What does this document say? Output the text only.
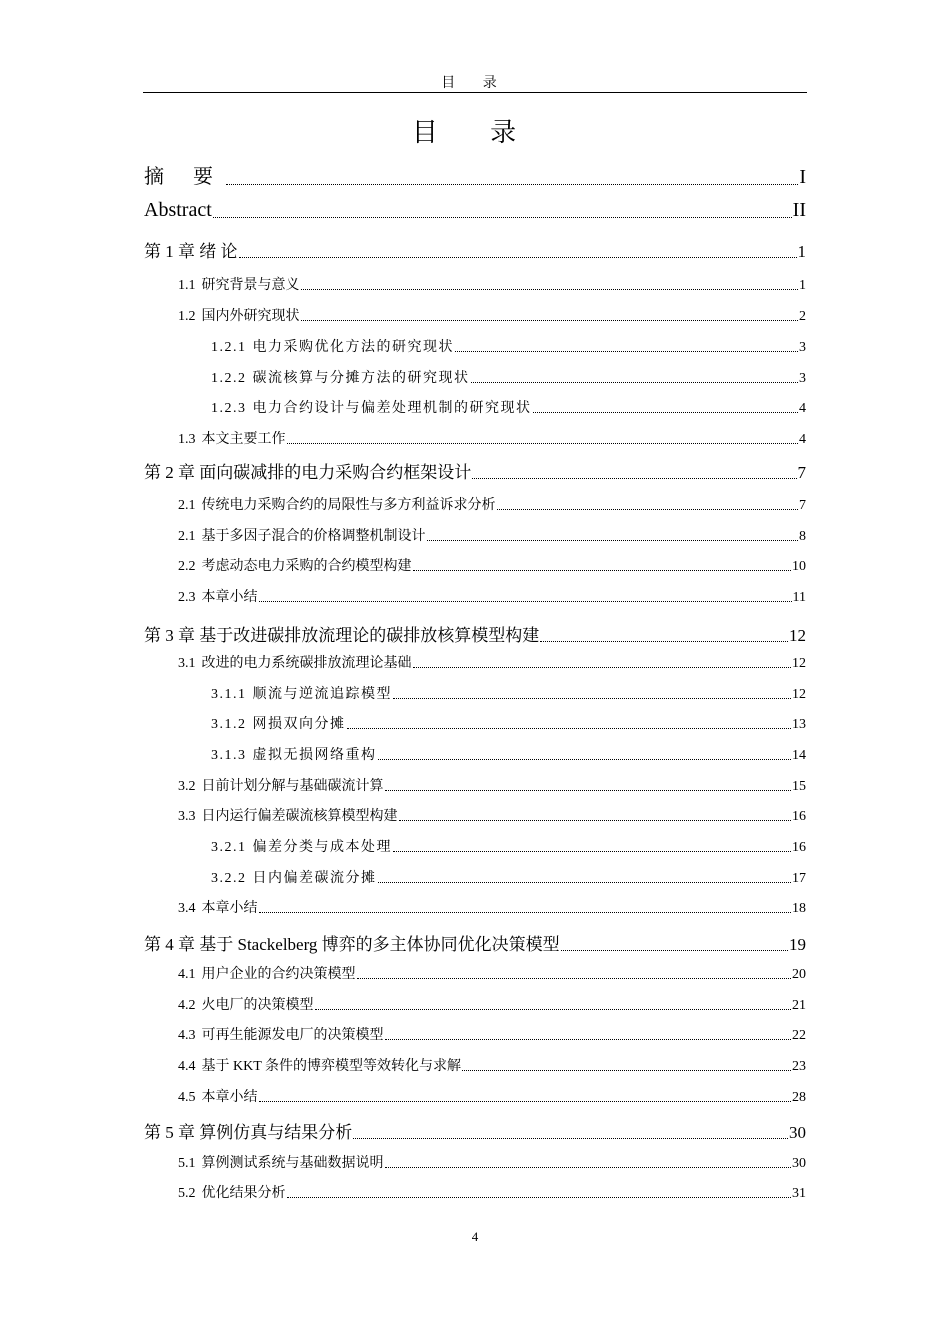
目 录
目 录
摘 要	I
Abstract	II
第 1 章 绪 论	1
1.1 研究背景与意义	1
1.2 国内外研究现状	2
1.2.1 电力采购优化方法的研究现状	3
1.2.2 碳流核算与分摊方法的研究现状	3
1.2.3 电力合约设计与偏差处理机制的研究现状	4
1.3 本文主要工作	4
第 2 章 面向碳减排的电力采购合约框架设计	7
2.1 传统电力采购合约的局限性与多方利益诉求分析	7
2.1 基于多因子混合的价格调整机制设计	8
2.2 考虑动态电力采购的合约模型构建	10
2.3 本章小结	11
第 3 章 基于改进碳排放流理论的碳排放核算模型构建	12
3.1 改进的电力系统碳排放流理论基础	12
3.1.1 顺流与逆流追踪模型	12
3.1.2 网损双向分摊	13
3.1.3 虚拟无损网络重构	14
3.2 日前计划分解与基础碳流计算	15
3.3 日内运行偏差碳流核算模型构建	16
3.2.1 偏差分类与成本处理	16
3.2.2 日内偏差碳流分摊	17
3.4 本章小结	18
第 4 章 基于 Stackelberg 博弈的多主体协同优化决策模型	19
4.1 用户企业的合约决策模型	20
4.2 火电厂的决策模型	21
4.3 可再生能源发电厂的决策模型	22
4.4 基于 KKT 条件的博弈模型等效转化与求解	23
4.5 本章小结	28
第 5 章 算例仿真与结果分析	30
5.1 算例测试系统与基础数据说明	30
5.2 优化结果分析	31
4
